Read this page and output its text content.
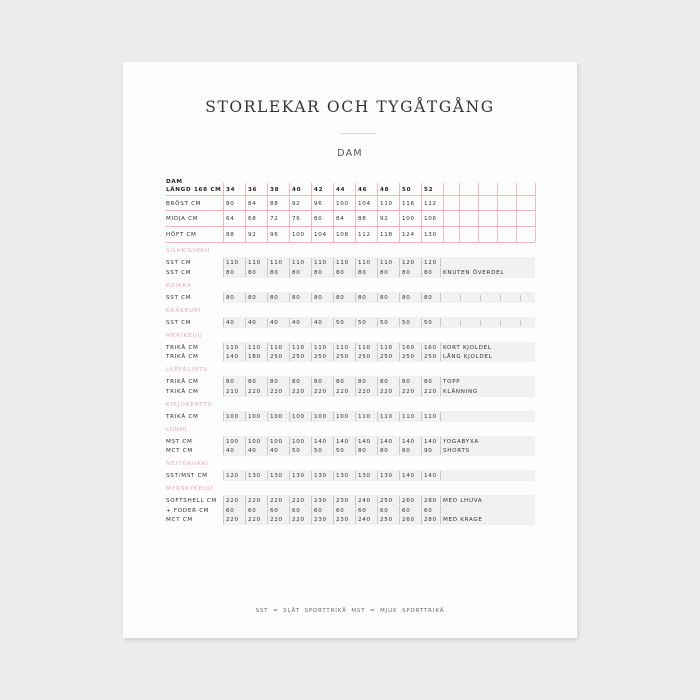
STORLEKAR OCH TYGÅTGÅNG
DAM
DAM
LÄNGD 168 CM 34 36 38 40 42 44 46 48 50 52
BRÖST CM	80 84 88 92 96 100 104 110 116 122
MIDJA CM	64 68 72 76 80 84 88 92 100 106
HÖFT CM	88 92 96 100 104 108 112 118 124 130
SILKKIUIKKU
SST CM	110 110 110 110 110 110 110 110 120 120
SST CM	80 80 80 80 80 80 80 80 80 80 KNUTEN ÖVERDEL
KUIKKA
SST CM	80 80 80 80 80 80 80 80 80 80
KAAKKURI
SST CM	40 40 40 40 40 50 50 50 50 50
MERIKEIJU
TRIKÅ CM	110 110 110 110 110 110 110 110 160 160 KORT KJOLDEL
TRIKÅ CM	140 180 250 250 250 250 250 250 250 250 LÅNG KJOLDEL
LEPPÄLINTU
TRIKÅ CM	80 80 80 80 80 80 80 80 80 80 TOPP
TRIKÅ CM	210 220 220 220 220 220 220 220 220 220 KLÄNNING
KIRJOKERTTU
TRIKÅ CM	100 100 100 100 100 100 110 110 110 110
LUNNI
MST CM	100 100 100 100 140 140 140 140 140 140 YOGABYXA
MCT CM	40 40 40 50 50 50 80 80 80 90 SHORTS
NEITOKUKKI
SST/MST CM	120 130 130 130 130 130 130 130 140 140
MYRSKYKEIJU
SOFTSHELL CM 220 220 220 220 230 230 240 250 260 280 MED LHUVA
+ FODER CM	60 60 60 60 60 60 60 60 60 60
MCT CM	220 220 220 220 230 230 240 250 260 280 MED KRAGE
SST = SLÄT SPORTTRIKÅ MST = MJUK SPORTTRIKÅ
